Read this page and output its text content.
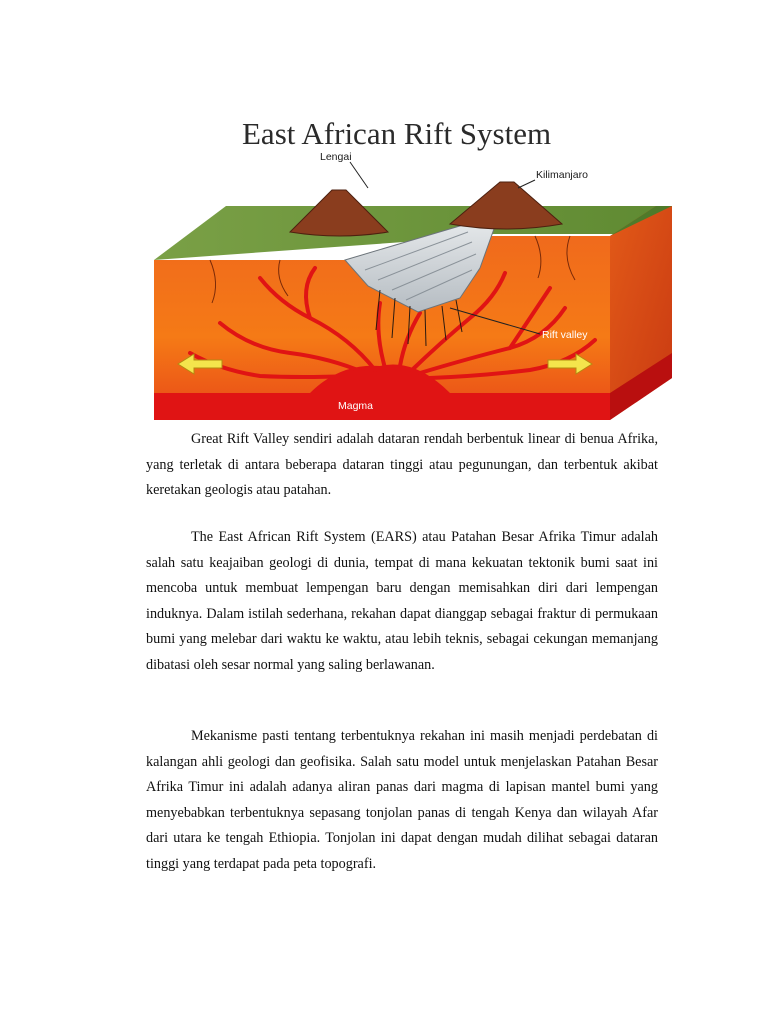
East African Rift System
Lengai
Kilimanjaro
Rift valley
Magma

Great Rift Valley sendiri adalah dataran rendah berbentuk linear di benua Afrika, yang terletak di antara beberapa dataran tinggi atau pegunungan, dan terbentuk akibat keretakan geologis atau patahan.

The East African Rift System (EARS) atau Patahan Besar Afrika Timur adalah salah satu keajaiban geologi di dunia, tempat di mana kekuatan tektonik bumi saat ini mencoba untuk membuat lempengan baru dengan memisahkan diri dari lempengan induknya. Dalam istilah sederhana, rekahan dapat dianggap sebagai fraktur di permukaan bumi yang melebar dari waktu ke waktu, atau lebih teknis, sebagai cekungan memanjang dibatasi oleh sesar normal yang saling berlawanan.

Mekanisme pasti tentang terbentuknya rekahan ini masih menjadi perdebatan di kalangan ahli geologi dan geofisika. Salah satu model untuk menjelaskan Patahan Besar Afrika Timur ini adalah adanya aliran panas dari magma di lapisan mantel bumi yang menyebabkan terbentuknya sepasang tonjolan panas di tengah Kenya dan wilayah Afar dari utara ke tengah Ethiopia. Tonjolan ini dapat dengan mudah dilihat sebagai dataran tinggi yang terdapat pada peta topografi.
